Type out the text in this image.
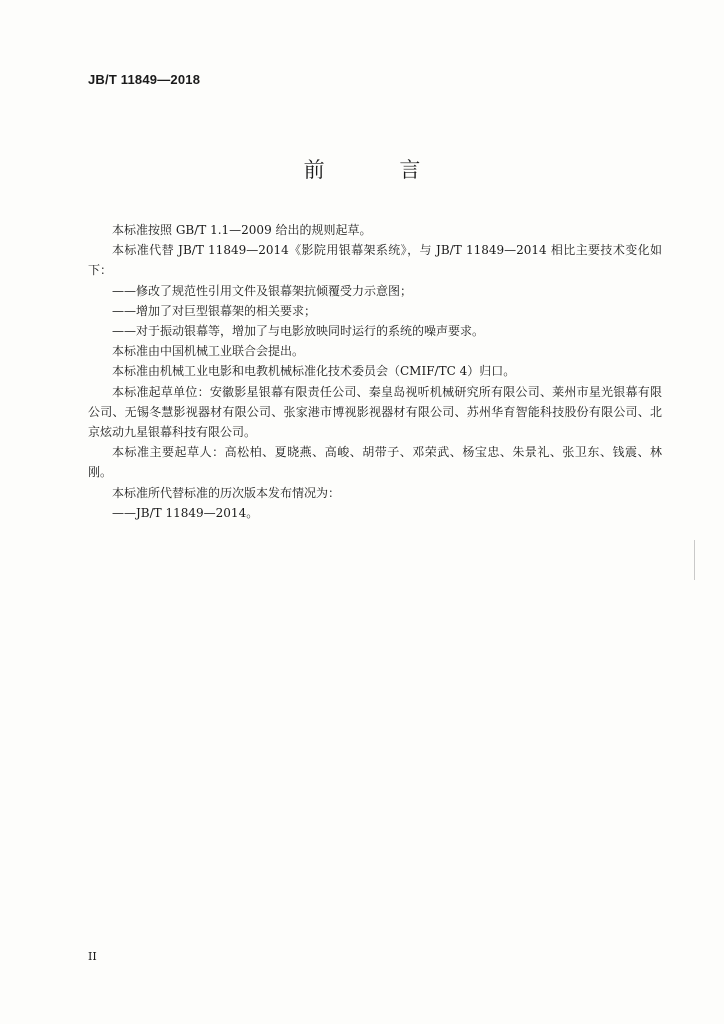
JB/T 11849—2018
前 言

本标准按照 GB/T 1.1—2009 给出的规则起草。

本标准代替 JB/T 11849—2014《影院用银幕架系统》，与 JB/T 11849—2014 相比主要技术变化如下：

——修改了规范性引用文件及银幕架抗倾覆受力示意图；

——增加了对巨型银幕架的相关要求；

——对于振动银幕等，增加了与电影放映同时运行的系统的噪声要求。

本标准由中国机械工业联合会提出。

本标准由机械工业电影和电教机械标准化技术委员会（CMIF/TC 4）归口。

本标准起草单位：安徽影星银幕有限责任公司、秦皇岛视听机械研究所有限公司、莱州市星光银幕有限公司、无锡冬慧影视器材有限公司、张家港市博视影视器材有限公司、苏州华育智能科技股份有限公司、北京炫动九星银幕科技有限公司。

本标准主要起草人：高松柏、夏晓燕、高峻、胡带子、邓荣武、杨宝忠、朱景礼、张卫东、钱震、林刚。

本标准所代替标准的历次版本发布情况为：

——JB/T 11849—2014。

II
